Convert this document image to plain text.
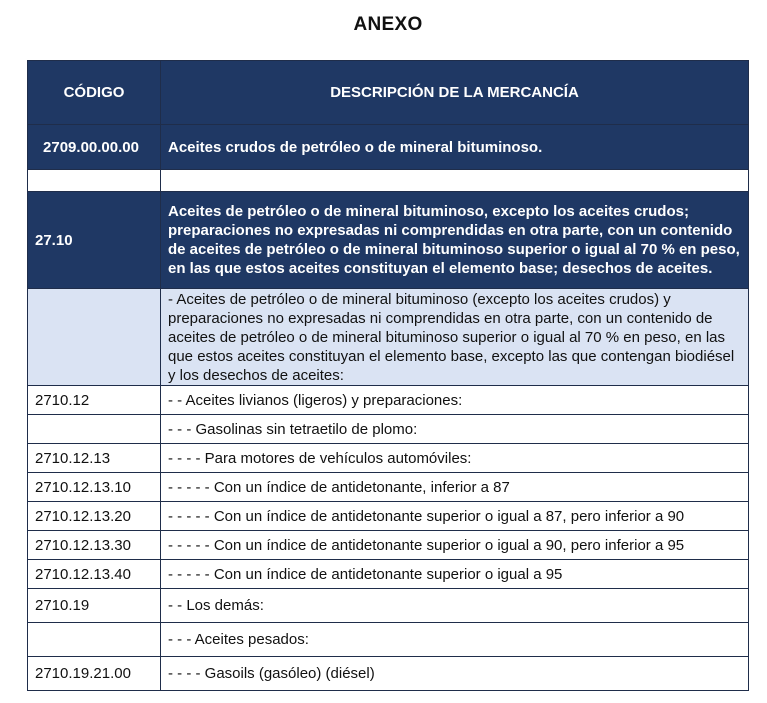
ANEXO
CÓDIGO	DESCRIPCIÓN DE LA MERCANCÍA
2709.00.00.00	Aceites crudos de petróleo o de mineral bituminoso.

27.10	Aceites de petróleo o de mineral bituminoso, excepto los aceites crudos; preparaciones no expresadas ni comprendidas en otra parte, con un contenido de aceites de petróleo o de mineral bituminoso superior o igual al 70 % en peso, en las que estos aceites constituyan el elemento base; desechos de aceites.
	- Aceites de petróleo o de mineral bituminoso (excepto los aceites crudos) y preparaciones no expresadas ni comprendidas en otra parte, con un contenido de aceites de petróleo o de mineral bituminoso superior o igual al 70 % en peso, en las que estos aceites constituyan el elemento base, excepto las que contengan biodiésel y los desechos de aceites:
2710.12	- - Aceites livianos (ligeros) y preparaciones:
	- - - Gasolinas sin tetraetilo de plomo:
2710.12.13	- - - - Para motores de vehículos automóviles:
2710.12.13.10	- - - - - Con un índice de antidetonante, inferior a 87
2710.12.13.20	- - - - - Con un índice de antidetonante superior o igual a 87, pero inferior a 90
2710.12.13.30	- - - - - Con un índice de antidetonante superior o igual a 90, pero inferior a 95
2710.12.13.40	- - - - - Con un índice de antidetonante superior o igual a 95
2710.19	- - Los demás:
	- - - Aceites pesados:
2710.19.21.00	- - - - Gasoils (gasóleo) (diésel)
